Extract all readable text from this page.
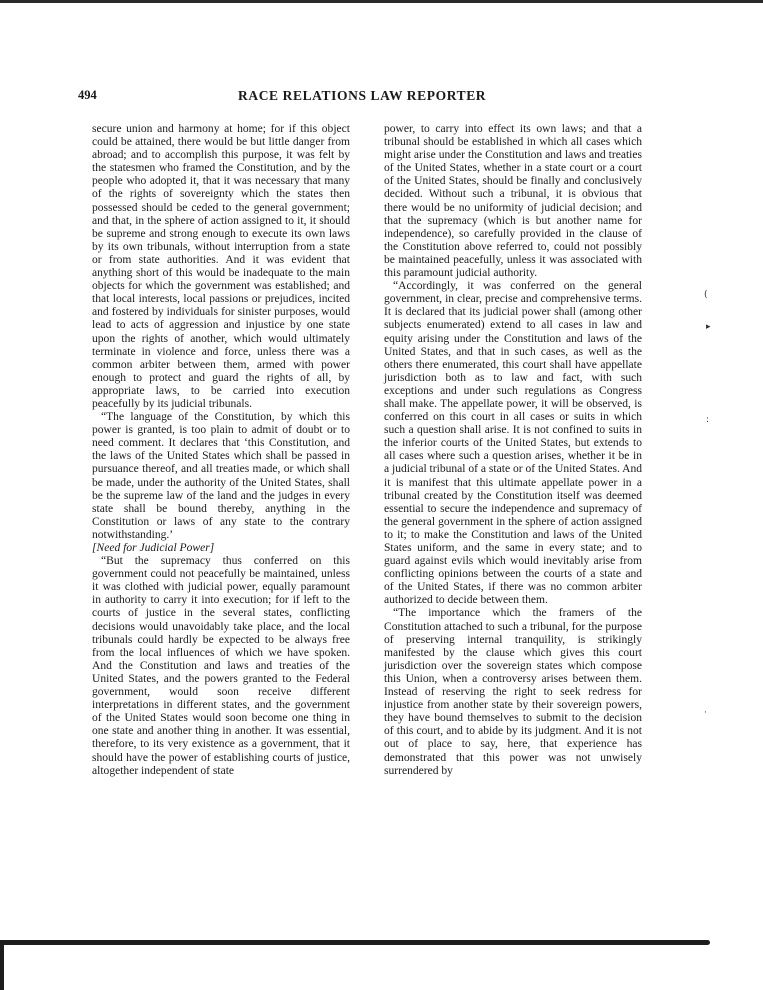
494	RACE RELATIONS LAW REPORTER

secure union and harmony at home; for if this object could be attained, there would be but little danger from abroad; and to accomplish this purpose, it was felt by the statesmen who framed the Constitution, and by the people who adopted it, that it was necessary that many of the rights of sovereignty which the states then possessed should be ceded to the general government; and that, in the sphere of action assigned to it, it should be supreme and strong enough to execute its own laws by its own tribunals, without interruption from a state or from state authorities. And it was evident that anything short of this would be inadequate to the main objects for which the government was established; and that local interests, local passions or prejudices, incited and fostered by individuals for sinister purposes, would lead to acts of aggression and injustice by one state upon the rights of another, which would ultimately terminate in violence and force, unless there was a common arbiter between them, armed with power enough to protect and guard the rights of all, by appropriate laws, to be carried into execution peacefully by its judicial tribunals.

“The language of the Constitution, by which this power is granted, is too plain to admit of doubt or to need comment. It declares that ‘this Constitution, and the laws of the United States which shall be passed in pursuance thereof, and all treaties made, or which shall be made, under the authority of the United States, shall be the supreme law of the land and the judges in every state shall be bound thereby, anything in the Constitution or laws of any state to the contrary notwithstanding.’

[Need for Judicial Power]

“But the supremacy thus conferred on this government could not peacefully be maintained, unless it was clothed with judicial power, equally paramount in authority to carry it into execution; for if left to the courts of justice in the several states, conflicting decisions would unavoidably take place, and the local tribunals could hardly be expected to be always free from the local influences of which we have spoken. And the Constitution and laws and treaties of the United States, and the powers granted to the Federal government, would soon receive different interpretations in different states, and the government of the United States would soon become one thing in one state and another thing in another. It was essential, therefore, to its very existence as a government, that it should have the power of establishing courts of justice, altogether independent of state

power, to carry into effect its own laws; and that a tribunal should be established in which all cases which might arise under the Constitution and laws and treaties of the United States, whether in a state court or a court of the United States, should be finally and conclusively decided. Without such a tribunal, it is obvious that there would be no uniformity of judicial decision; and that the supremacy (which is but another name for independence), so carefully provided in the clause of the Constitution above referred to, could not possibly be maintained peacefully, unless it was associated with this paramount judicial authority.

“Accordingly, it was conferred on the general government, in clear, precise and comprehensive terms. It is declared that its judicial power shall (among other subjects enumerated) extend to all cases in law and equity arising under the Constitution and laws of the United States, and that in such cases, as well as the others there enumerated, this court shall have appellate jurisdiction both as to law and fact, with such exceptions and under such regulations as Congress shall make. The appellate power, it will be observed, is conferred on this court in all cases or suits in which such a question shall arise. It is not confined to suits in the inferior courts of the United States, but extends to all cases where such a question arises, whether it be in a judicial tribunal of a state or of the United States. And it is manifest that this ultimate appellate power in a tribunal created by the Constitution itself was deemed essential to secure the independence and supremacy of the general government in the sphere of action assigned to it; to make the Constitution and laws of the United States uniform, and the same in every state; and to guard against evils which would inevitably arise from conflicting opinions between the courts of a state and of the United States, if there was no common arbiter authorized to decide between them.

“The importance which the framers of the Constitution attached to such a tribunal, for the purpose of preserving internal tranquility, is strikingly manifested by the clause which gives this court jurisdiction over the sovereign states which compose this Union, when a controversy arises between them. Instead of reserving the right to seek redress for injustice from another state by their sovereign powers, they have bound themselves to submit to the decision of this court, and to abide by its judgment. And it is not out of place to say, here, that experience has demonstrated that this power was not unwisely surrendered by

(
▸
:
·
